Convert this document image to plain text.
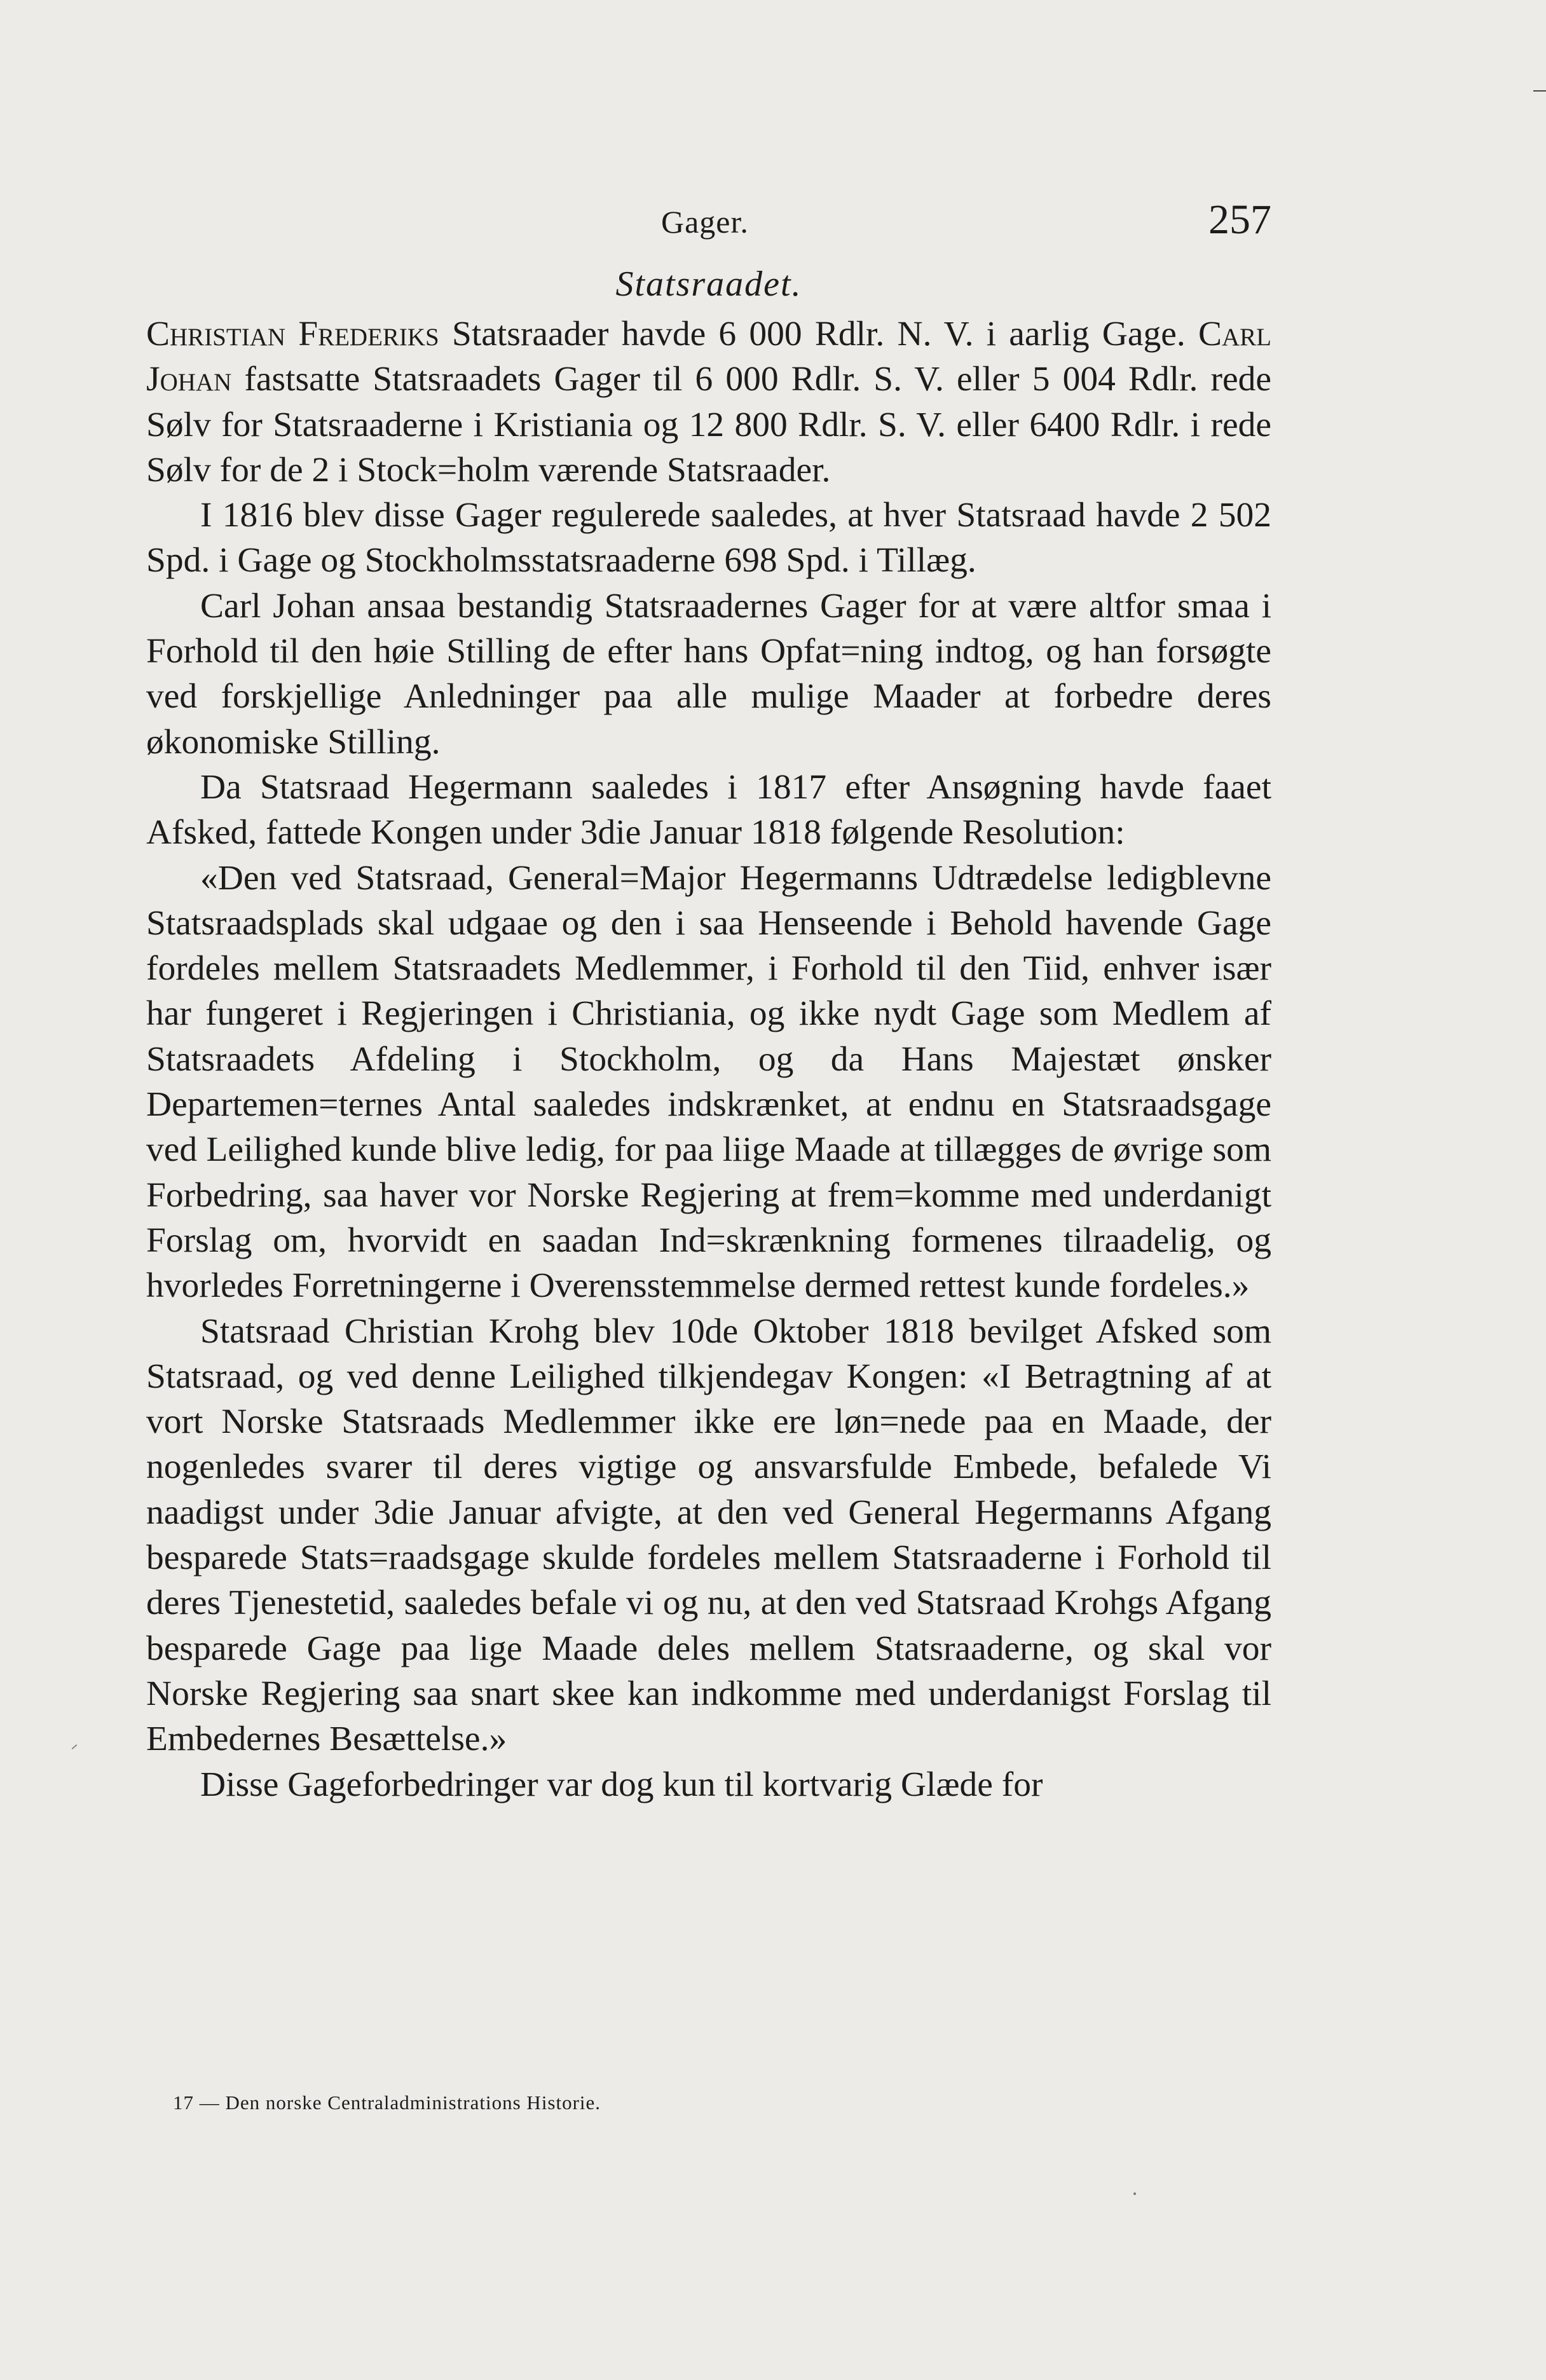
Gager.	257
Statsraadet.

Christian Frederiks Statsraader havde 6 000 Rdlr. N. V. i aarlig Gage. Carl Johan fastsatte Statsraadets Gager til 6 000 Rdlr. S. V. eller 5 004 Rdlr. rede Sølv for Statsraaderne i Kristiania og 12 800 Rdlr. S. V. eller 6400 Rdlr. i rede Sølv for de 2 i Stock=holm værende Statsraader.

I 1816 blev disse Gager regulerede saaledes, at hver Statsraad havde 2 502 Spd. i Gage og Stockholmsstatsraaderne 698 Spd. i Tillæg.

Carl Johan ansaa bestandig Statsraadernes Gager for at være altfor smaa i Forhold til den høie Stilling de efter hans Opfat=ning indtog, og han forsøgte ved forskjellige Anledninger paa alle mulige Maader at forbedre deres økonomiske Stilling.

Da Statsraad Hegermann saaledes i 1817 efter Ansøgning havde faaet Afsked, fattede Kongen under 3die Januar 1818 følgende Resolution:

«Den ved Statsraad, General=Major Hegermanns Udtrædelse ledigblevne Statsraadsplads skal udgaae og den i saa Henseende i Behold havende Gage fordeles mellem Statsraadets Medlemmer, i Forhold til den Tiid, enhver især har fungeret i Regjeringen i Christiania, og ikke nydt Gage som Medlem af Statsraadets Afdeling i Stockholm, og da Hans Majestæt ønsker Departemen=ternes Antal saaledes indskrænket, at endnu en Statsraadsgage ved Leilighed kunde blive ledig, for paa liige Maade at tillægges de øvrige som Forbedring, saa haver vor Norske Regjering at frem=komme med underdanigt Forslag om, hvorvidt en saadan Ind=skrænkning formenes tilraadelig, og hvorledes Forretningerne i Overensstemmelse dermed rettest kunde fordeles.»

Statsraad Christian Krohg blev 10de Oktober 1818 bevilget Afsked som Statsraad, og ved denne Leilighed tilkjendegav Kongen: «I Betragtning af at vort Norske Statsraads Medlemmer ikke ere løn=nede paa en Maade, der nogenledes svarer til deres vigtige og ansvarsfulde Embede, befalede Vi naadigst under 3die Januar afvigte, at den ved General Hegermanns Afgang besparede Stats=raadsgage skulde fordeles mellem Statsraaderne i Forhold til deres Tjenestetid, saaledes befale vi og nu, at den ved Statsraad Krohgs Afgang besparede Gage paa lige Maade deles mellem Statsraaderne, og skal vor Norske Regjering saa snart skee kan indkomme med underdanigst Forslag til Embedernes Besættelse.»

Disse Gageforbedringer var dog kun til kortvarig Glæde for

17 — Den norske Centraladministrations Historie.
